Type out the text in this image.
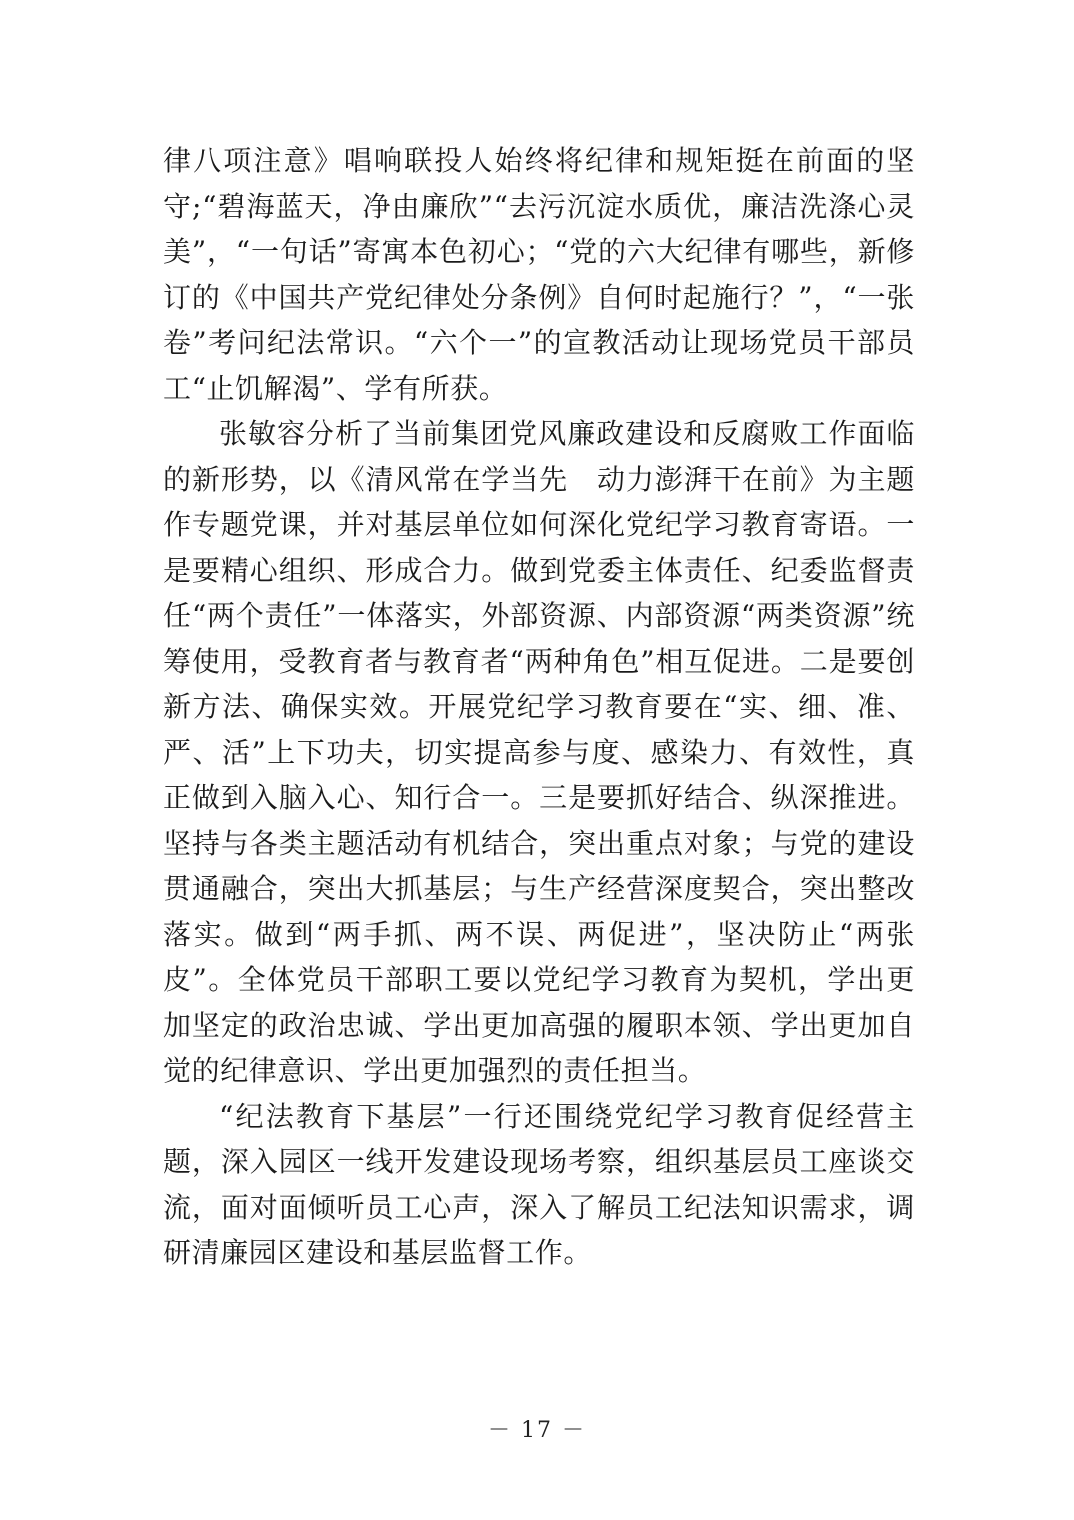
律八项注意》唱响联投人始终将纪律和规矩挺在前面的坚守;“碧海蓝天，净由廉欣”“去污沉淀水质优，廉洁洗涤心灵美”，“一句话”寄寓本色初心；“党的六大纪律有哪些，新修订的《中国共产党纪律处分条例》自何时起施行？”，“一张卷”考问纪法常识。“六个一”的宣教活动让现场党员干部员工“止饥解渴”、学有所获。

张敏容分析了当前集团党风廉政建设和反腐败工作面临的新形势，以《清风常在学当先　动力澎湃干在前》为主题作专题党课，并对基层单位如何深化党纪学习教育寄语。一是要精心组织、形成合力。做到党委主体责任、纪委监督责任“两个责任”一体落实，外部资源、内部资源“两类资源”统筹使用，受教育者与教育者“两种角色”相互促进。二是要创新方法、确保实效。开展党纪学习教育要在“实、细、准、严、活”上下功夫，切实提高参与度、感染力、有效性，真正做到入脑入心、知行合一。三是要抓好结合、纵深推进。坚持与各类主题活动有机结合，突出重点对象；与党的建设贯通融合，突出大抓基层；与生产经营深度契合，突出整改落实。做到“两手抓、两不误、两促进”，坚决防止“两张皮”。全体党员干部职工要以党纪学习教育为契机，学出更加坚定的政治忠诚、学出更加高强的履职本领、学出更加自觉的纪律意识、学出更加强烈的责任担当。

“纪法教育下基层”一行还围绕党纪学习教育促经营主题，深入园区一线开发建设现场考察，组织基层员工座谈交流，面对面倾听员工心声，深入了解员工纪法知识需求，调研清廉园区建设和基层监督工作。

－ 17 －
